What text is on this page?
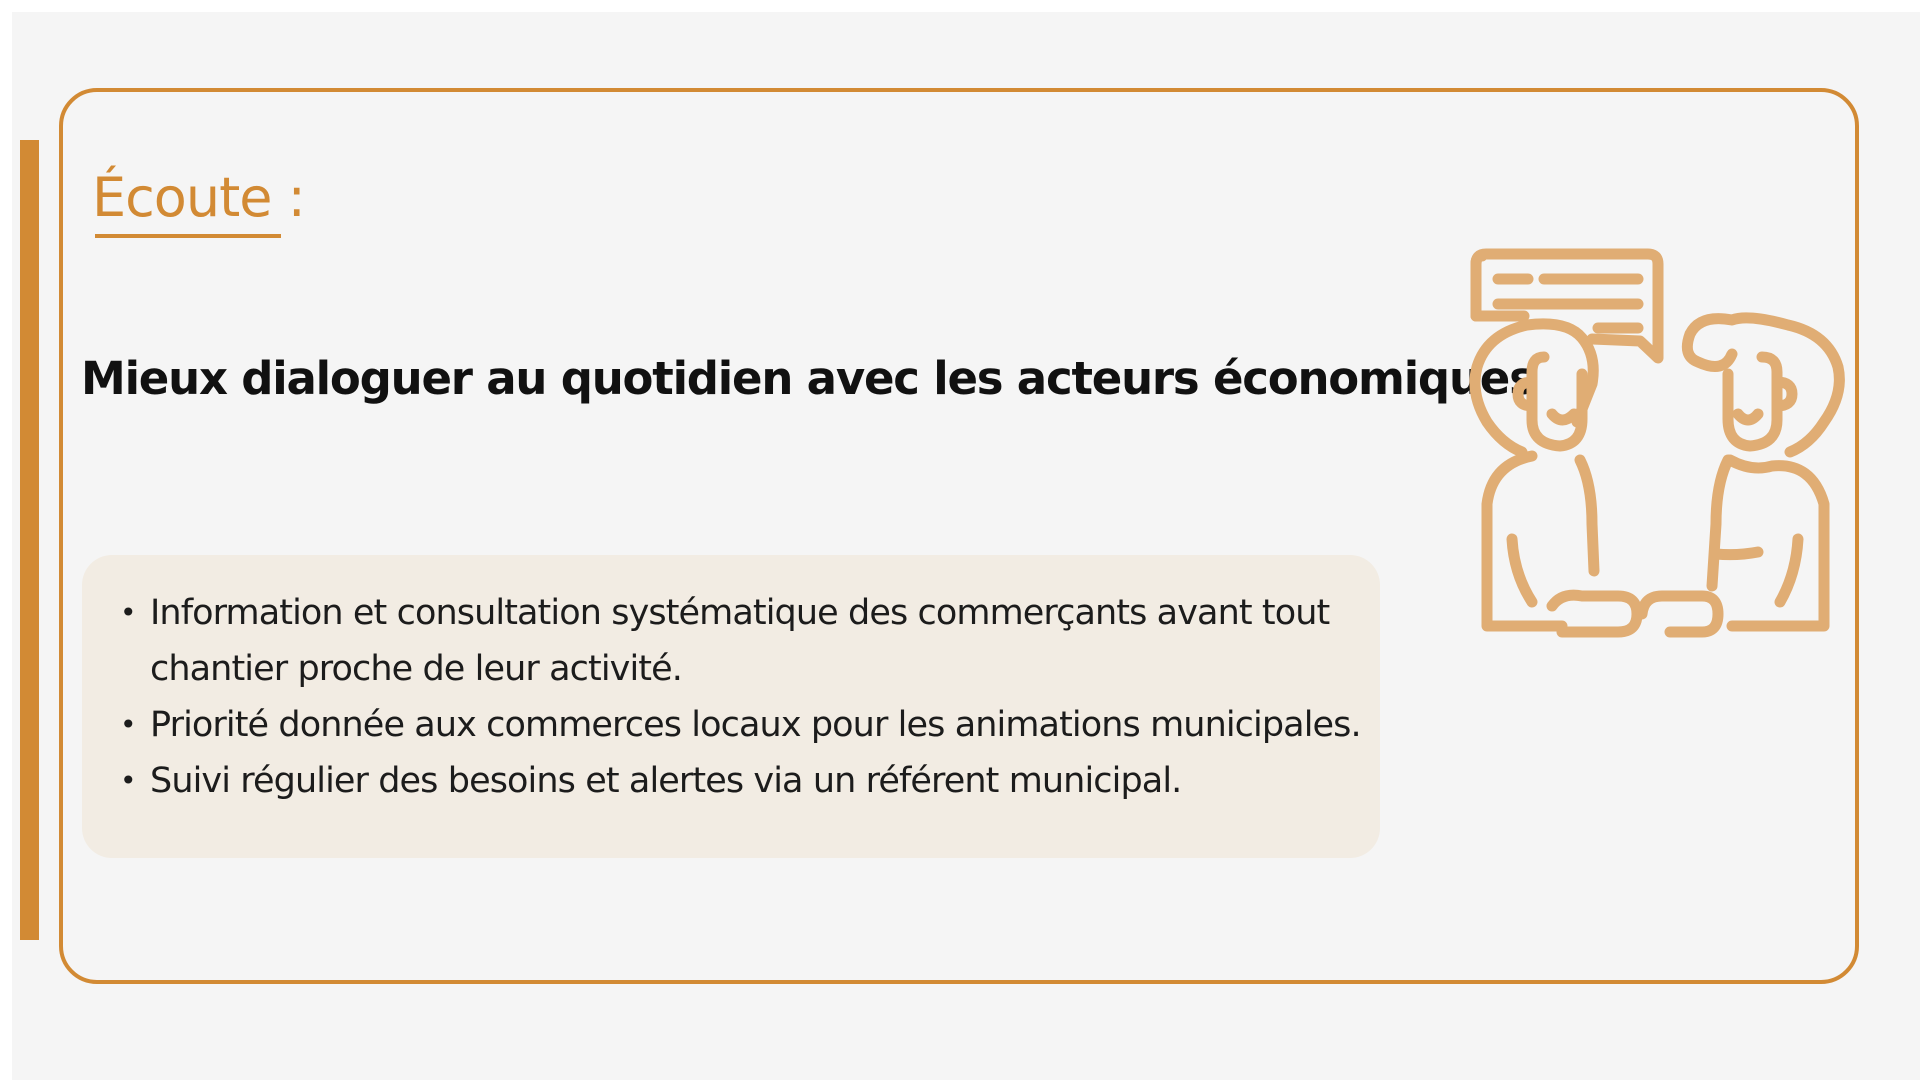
Écoute :
Mieux dialoguer au quotidien avec les acteurs économiques
• Information et consultation systématique des commerçants avant tout chantier proche de leur activité.
• Priorité donnée aux commerces locaux pour les animations municipales.
• Suivi régulier des besoins et alertes via un référent municipal.
